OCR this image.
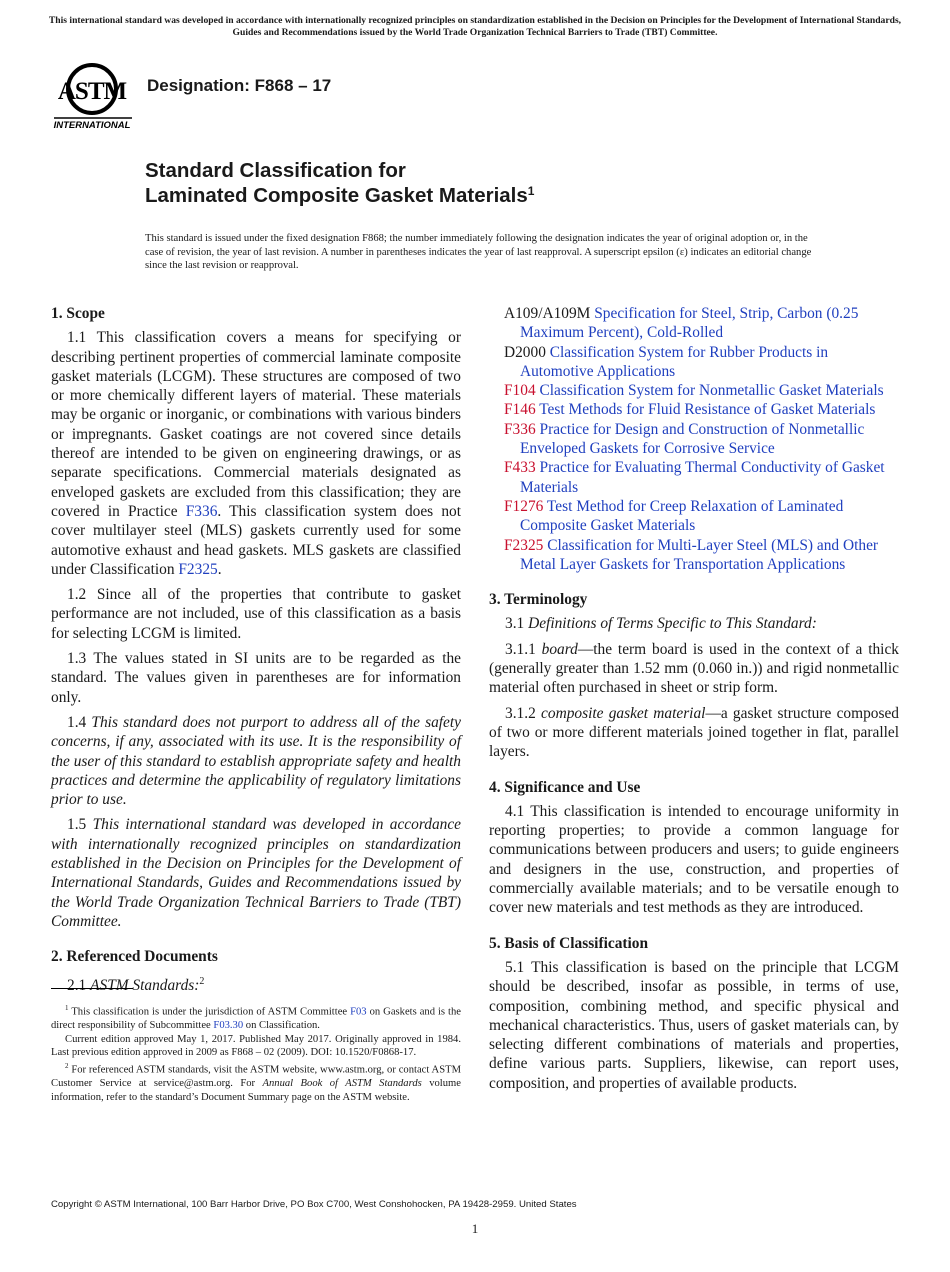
This international standard was developed in accordance with internationally recognized principles on standardization established in the Decision on Principles for the Development of International Standards, Guides and Recommendations issued by the World Trade Organization Technical Barriers to Trade (TBT) Committee.
ASTM
INTERNATIONAL
Designation: F868 – 17
Standard Classification for
Laminated Composite Gasket Materials$^1$
This standard is issued under the fixed designation F868; the number immediately following the designation indicates the year of original adoption or, in the case of revision, the year of last revision. A number in parentheses indicates the year of last reapproval. A superscript epsilon (ε) indicates an editorial change since the last revision or reapproval.
1. Scope
1.1 This classification covers a means for specifying or describing pertinent properties of commercial laminate composite gasket materials (LCGM). These structures are composed of two or more chemically different layers of material. These materials may be organic or inorganic, or combinations with various binders or impregnants. Gasket coatings are not covered since details thereof are intended to be given on engineering drawings, or as separate specifications. Commercial materials designated as enveloped gaskets are excluded from this classification; they are covered in Practice F336. This classification system does not cover multilayer steel (MLS) gaskets currently used for some automotive exhaust and head gaskets. MLS gaskets are classified under Classification F2325.
1.2 Since all of the properties that contribute to gasket performance are not included, use of this classification as a basis for selecting LCGM is limited.
1.3 The values stated in SI units are to be regarded as the standard. The values given in parentheses are for information only.
1.4 This standard does not purport to address all of the safety concerns, if any, associated with its use. It is the responsibility of the user of this standard to establish appropriate safety and health practices and determine the applicability of regulatory limitations prior to use.
1.5 This international standard was developed in accordance with internationally recognized principles on standardization established in the Decision on Principles for the Development of International Standards, Guides and Recommendations issued by the World Trade Organization Technical Barriers to Trade (TBT) Committee.
2. Referenced Documents
2.1 ASTM Standards:$^2$
A109/A109M Specification for Steel, Strip, Carbon (0.25 Maximum Percent), Cold-Rolled
D2000 Classification System for Rubber Products in Automotive Applications
F104 Classification System for Nonmetallic Gasket Materials
F146 Test Methods for Fluid Resistance of Gasket Materials
F336 Practice for Design and Construction of Nonmetallic Enveloped Gaskets for Corrosive Service
F433 Practice for Evaluating Thermal Conductivity of Gasket Materials
F1276 Test Method for Creep Relaxation of Laminated Composite Gasket Materials
F2325 Classification for Multi-Layer Steel (MLS) and Other Metal Layer Gaskets for Transportation Applications
3. Terminology
3.1 Definitions of Terms Specific to This Standard:
3.1.1 board—the term board is used in the context of a thick (generally greater than 1.52 mm (0.060 in.)) and rigid nonmetallic material often purchased in sheet or strip form.
3.1.2 composite gasket material—a gasket structure composed of two or more different materials joined together in flat, parallel layers.
4. Significance and Use
4.1 This classification is intended to encourage uniformity in reporting properties; to provide a common language for communications between producers and users; to guide engineers and designers in the use, construction, and properties of commercially available materials; and to be versatile enough to cover new materials and test methods as they are introduced.
5. Basis of Classification
5.1 This classification is based on the principle that LCGM should be described, insofar as possible, in terms of use, composition, combining method, and specific physical and mechanical characteristics. Thus, users of gasket materials can, by selecting different combinations of materials and properties, define various parts. Suppliers, likewise, can report uses, composition, and properties of available products.
$^1$ This classification is under the jurisdiction of ASTM Committee F03 on Gaskets and is the direct responsibility of Subcommittee F03.30 on Classification.
Current edition approved May 1, 2017. Published May 2017. Originally approved in 1984. Last previous edition approved in 2009 as F868 – 02 (2009). DOI: 10.1520/F0868-17.
$^2$ For referenced ASTM standards, visit the ASTM website, www.astm.org, or contact ASTM Customer Service at service@astm.org. For Annual Book of ASTM Standards volume information, refer to the standard’s Document Summary page on the ASTM website.
Copyright © ASTM International, 100 Barr Harbor Drive, PO Box C700, West Conshohocken, PA 19428-2959. United States
1
